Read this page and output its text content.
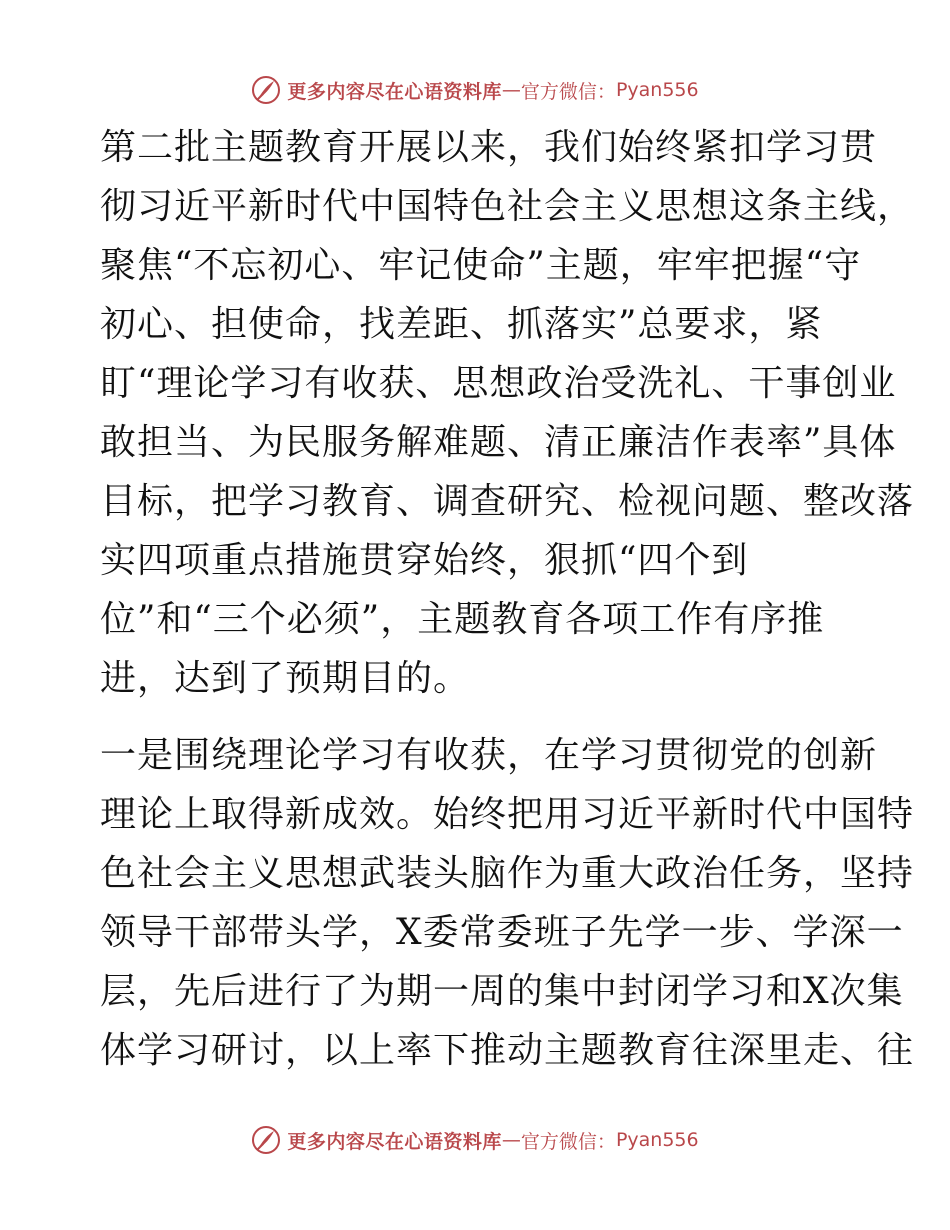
更多内容尽在心语资料库 — 官方微信： Pyan556
第二批主题教育开展以来，我们始终紧扣学习贯
彻习近平新时代中国特色社会主义思想这条主线，
聚焦“不忘初心、牢记使命”主题，牢牢把握“守
初心、担使命，找差距、抓落实”总要求，紧
盯“理论学习有收获、思想政治受洗礼、干事创业
敢担当、为民服务解难题、清正廉洁作表率”具体
目标，把学习教育、调查研究、检视问题、整改落
实四项重点措施贯穿始终，狠抓“四个到
位”和“三个必须”，主题教育各项工作有序推
进，达到了预期目的。
一是围绕理论学习有收获，在学习贯彻党的创新
理论上取得新成效。始终把用习近平新时代中国特
色社会主义思想武装头脑作为重大政治任务，坚持
领导干部带头学，X委常委班子先学一步、学深一
层，先后进行了为期一周的集中封闭学习和X次集
体学习研讨，以上率下推动主题教育往深里走、往
更多内容尽在心语资料库 — 官方微信： Pyan556
